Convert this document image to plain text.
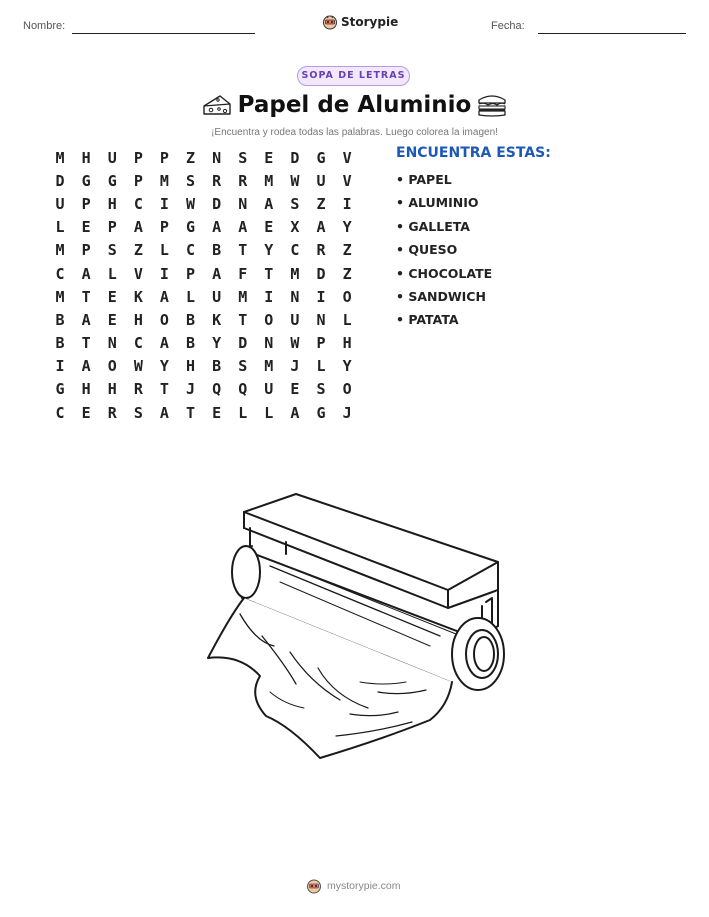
Nombre:	Storypie	Fecha:
SOPA DE LETRAS
Papel de Aluminio
¡Encuentra y rodea todas las palabras. Luego colorea la imagen!
M	H	U	P	P	Z	N	S	E	D	G	V
D	G	G	P	M	S	R	R	M	W	U	V
U	P	H	C	I	W	D	N	A	S	Z	I
L	E	P	A	P	G	A	A	E	X	A	Y
M	P	S	Z	L	C	B	T	Y	C	R	Z
C	A	L	V	I	P	A	F	T	M	D	Z
M	T	E	K	A	L	U	M	I	N	I	O
B	A	E	H	O	B	K	T	O	U	N	L
B	T	N	C	A	B	Y	D	N	W	P	H
I	A	O	W	Y	H	B	S	M	J	L	Y
G	H	H	R	T	J	Q	Q	U	E	S	O
C	E	R	S	A	T	E	L	L	A	G	J
ENCUENTRA ESTAS:
• PAPEL
• ALUMINIO
• GALLETA
• QUESO
• CHOCOLATE
• SANDWICH
• PATATA
mystorypie.com
